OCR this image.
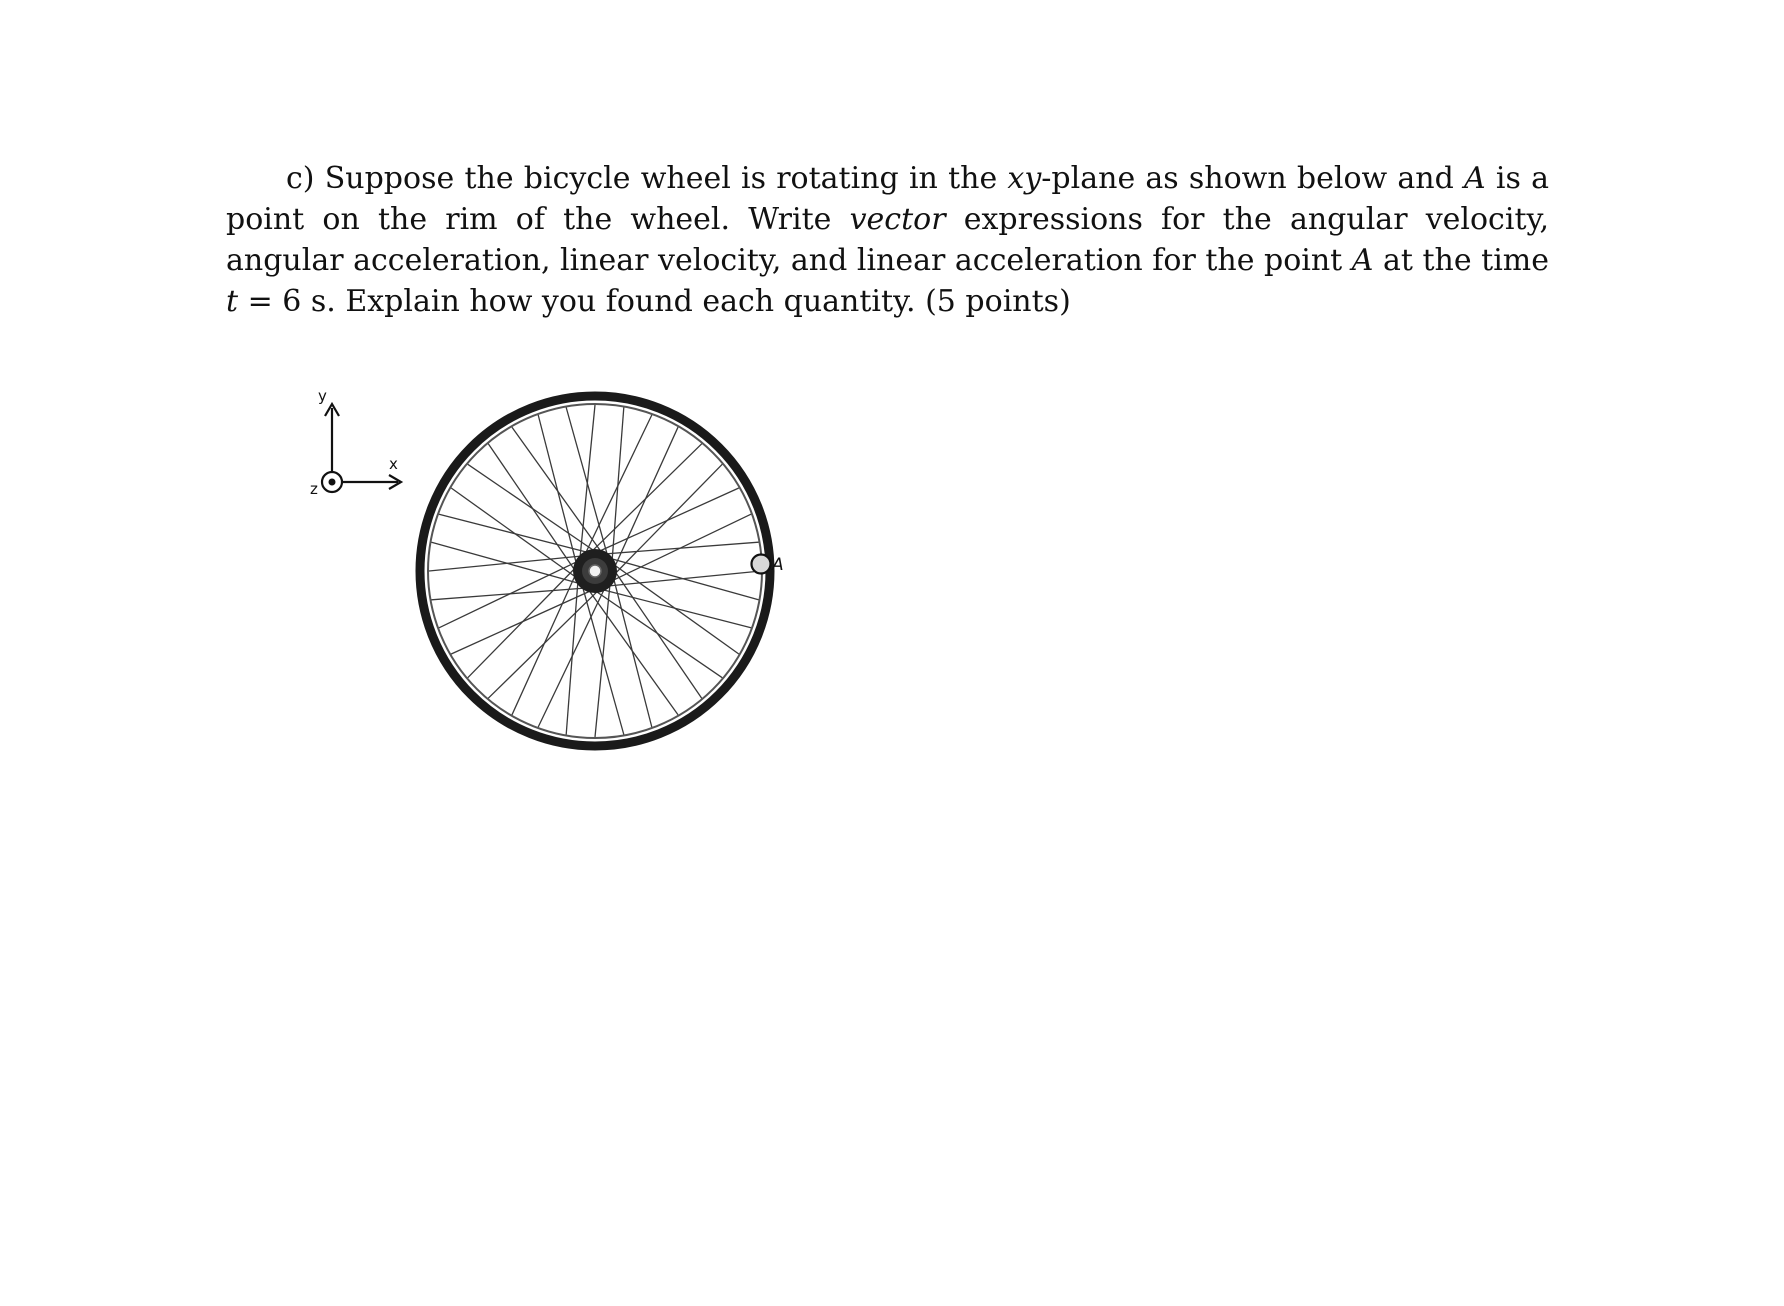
c) Suppose the bicycle wheel is rotating in the xy-plane as shown below and A is a point on the rim of the wheel. Write vector expressions for the angular velocity, angular acceleration, linear velocity, and linear acceleration for the point A at the time t = 6 s. Explain how you found each quantity. (5 points)

y
x
z
A
